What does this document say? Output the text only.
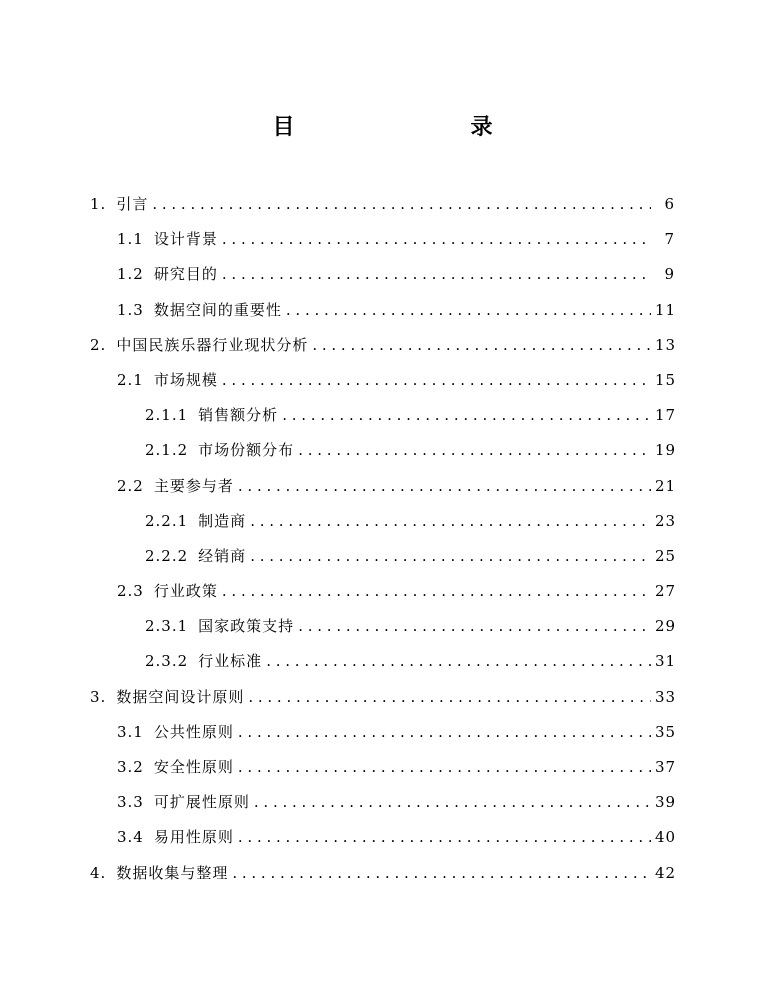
目　　录
1. 引言 . . .	6
1.1 设计背景 . . .	7
1.2 研究目的 . . .	9
1.3 数据空间的重要性 . . .	11
2. 中国民族乐器行业现状分析 . . .	13
2.1 市场规模 . . .	15
2.1.1 销售额分析 . . .	17
2.1.2 市场份额分布 . . .	19
2.2 主要参与者 . . .	21
2.2.1 制造商 . . .	23
2.2.2 经销商 . . .	25
2.3 行业政策 . . .	27
2.3.1 国家政策支持 . . .	29
2.3.2 行业标准 . . .	31
3. 数据空间设计原则 . . .	33
3.1 公共性原则 . . .	35
3.2 安全性原则 . . .	37
3.3 可扩展性原则 . . .	39
3.4 易用性原则 . . .	40
4. 数据收集与整理 . . .	42
